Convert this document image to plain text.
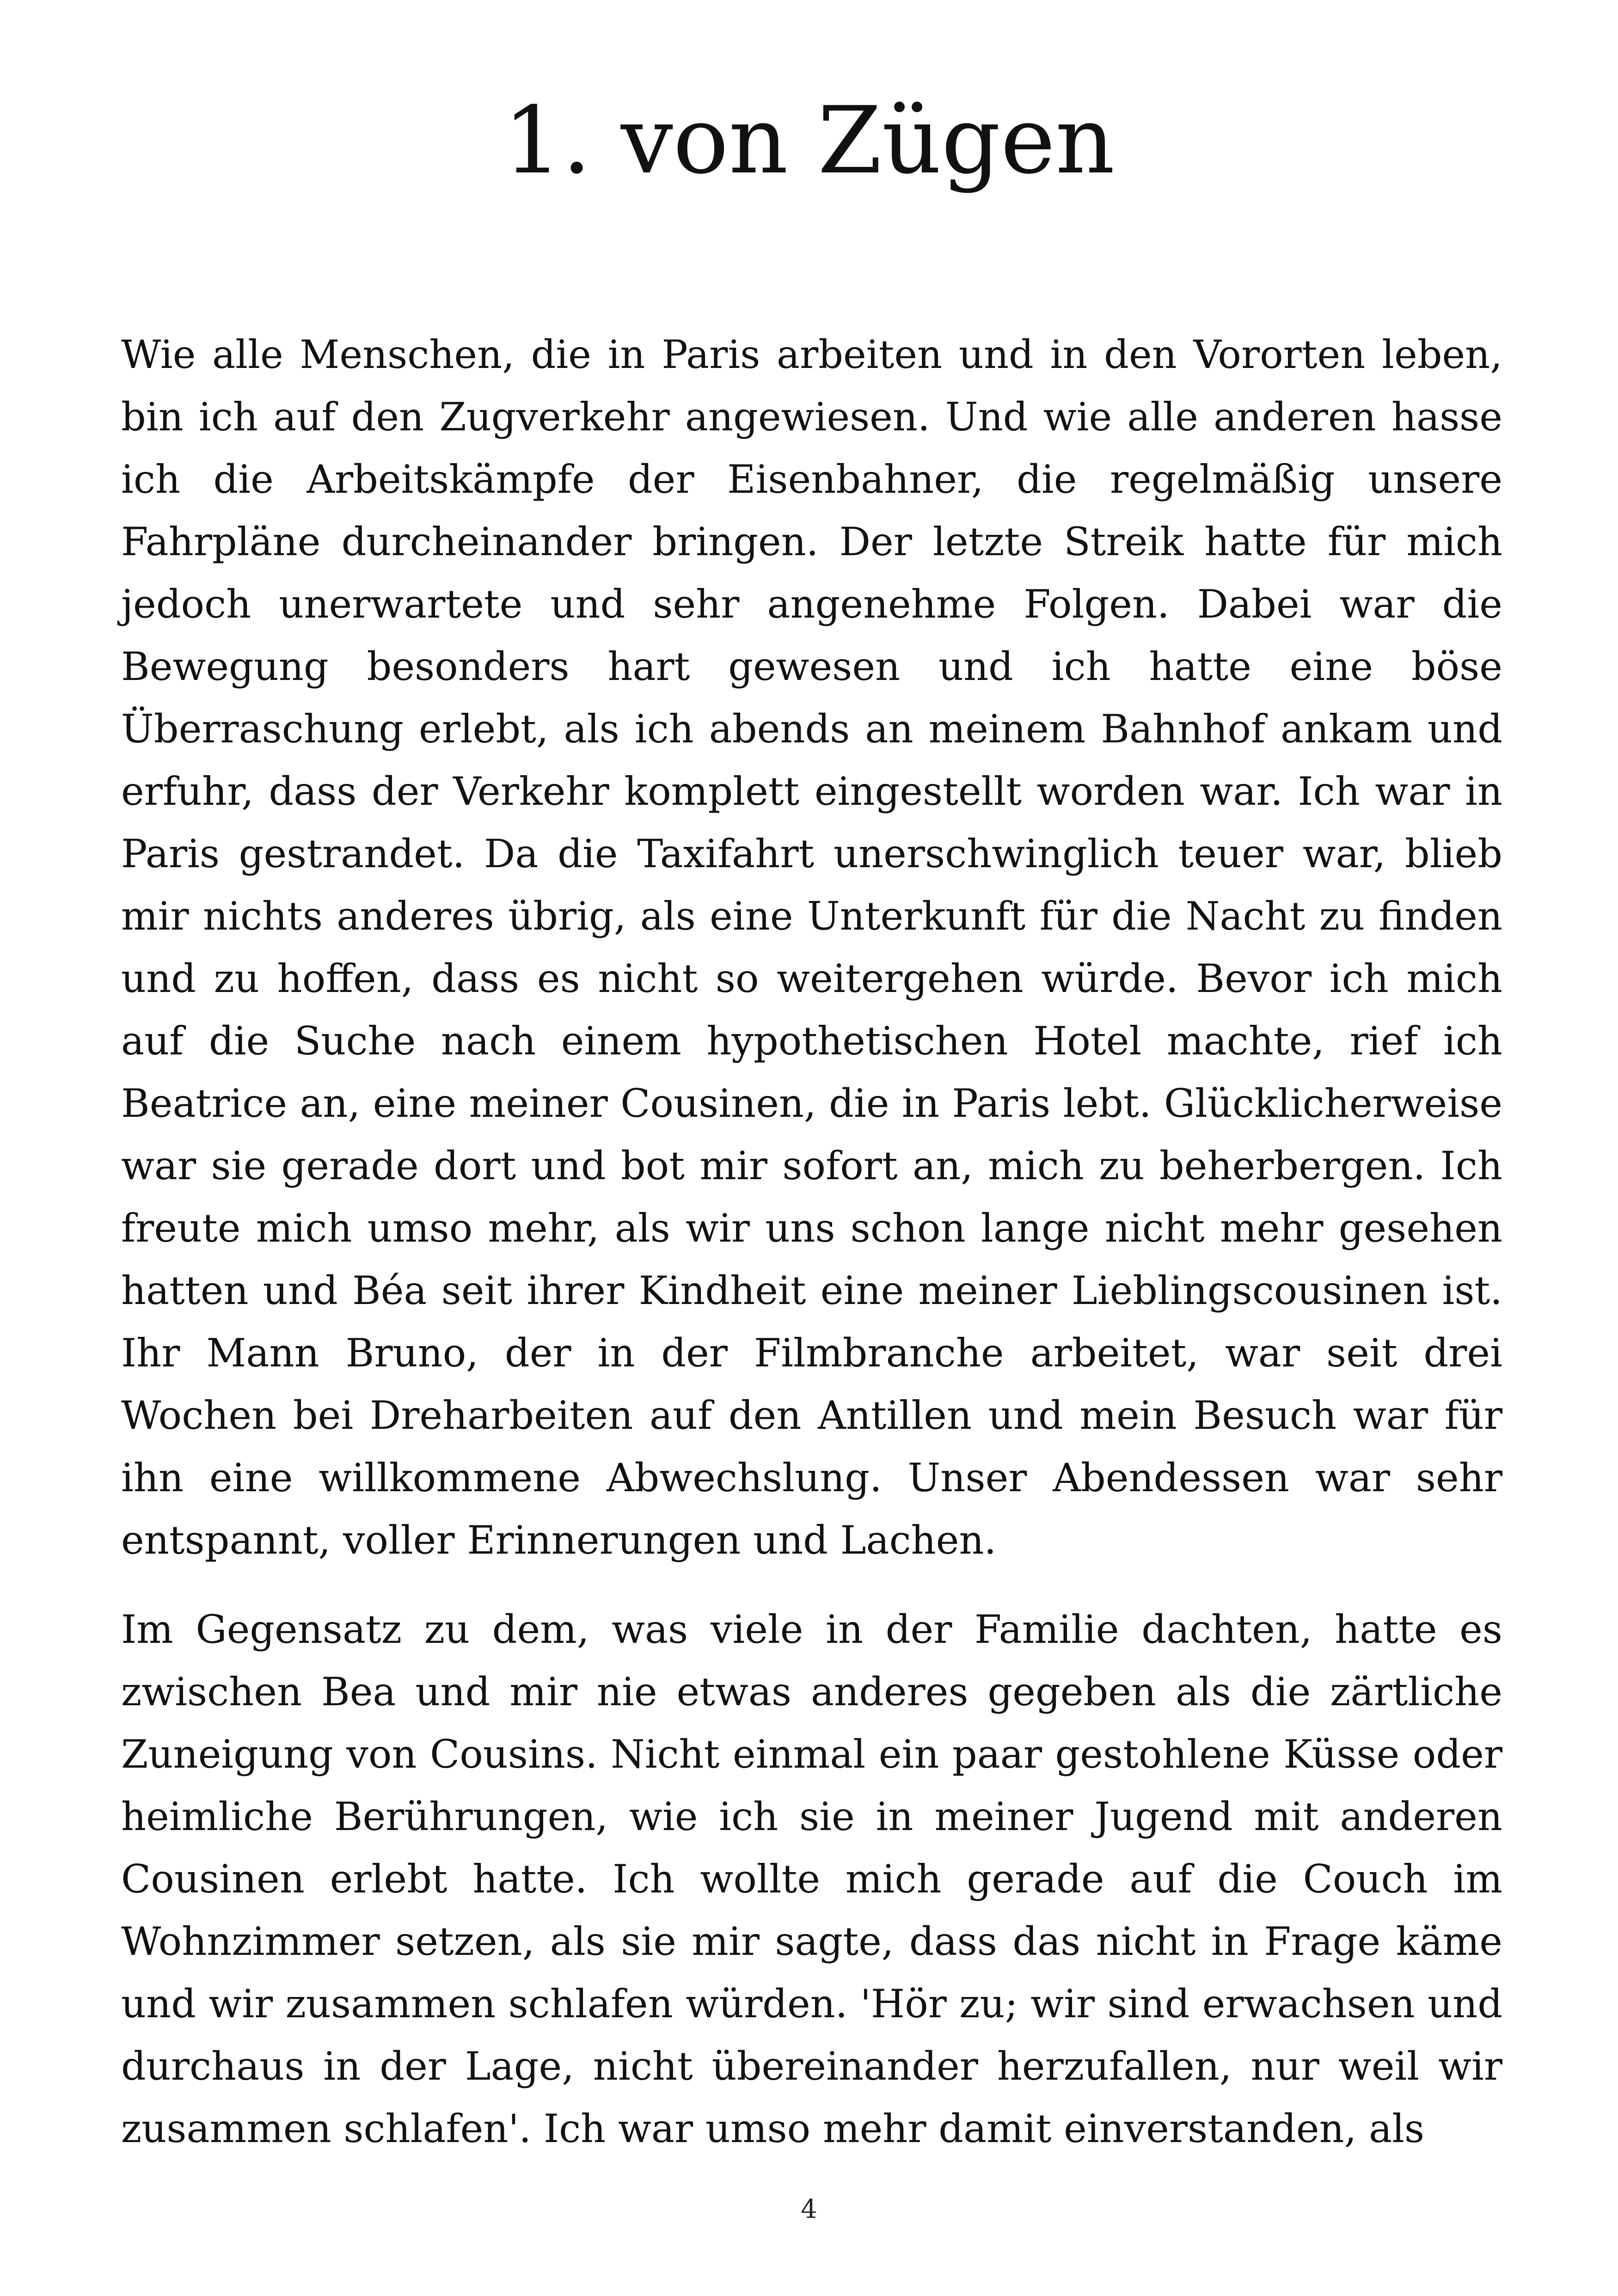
1. von Zügen

Wie alle Menschen, die in Paris arbeiten und in den Vororten leben, bin ich auf den Zugverkehr angewiesen. Und wie alle anderen hasse ich die Arbeitskämpfe der Eisenbahner, die regelmäßig unsere Fahrpläne durcheinander bringen. Der letzte Streik hatte für mich jedoch unerwartete und sehr angenehme Folgen. Dabei war die Bewegung besonders hart gewesen und ich hatte eine böse Überraschung erlebt, als ich abends an meinem Bahnhof ankam und erfuhr, dass der Verkehr komplett eingestellt worden war. Ich war in Paris gestrandet. Da die Taxifahrt unerschwinglich teuer war, blieb mir nichts anderes übrig, als eine Unterkunft für die Nacht zu finden und zu hoffen, dass es nicht so weitergehen würde. Bevor ich mich auf die Suche nach einem hypothetischen Hotel machte, rief ich Beatrice an, eine meiner Cousinen, die in Paris lebt. Glücklicherweise war sie gerade dort und bot mir sofort an, mich zu beherbergen. Ich freute mich umso mehr, als wir uns schon lange nicht mehr gesehen hatten und Béa seit ihrer Kindheit eine meiner Lieblingscousinen ist. Ihr Mann Bruno, der in der Filmbranche arbeitet, war seit drei Wochen bei Dreharbeiten auf den Antillen und mein Besuch war für ihn eine willkommene Abwechslung. Unser Abendessen war sehr entspannt, voller Erinnerungen und Lachen.

Im Gegensatz zu dem, was viele in der Familie dachten, hatte es zwischen Bea und mir nie etwas anderes gegeben als die zärtliche Zuneigung von Cousins. Nicht einmal ein paar gestohlene Küsse oder heimliche Berührungen, wie ich sie in meiner Jugend mit anderen Cousinen erlebt hatte. Ich wollte mich gerade auf die Couch im Wohnzimmer setzen, als sie mir sagte, dass das nicht in Frage käme und wir zusammen schlafen würden. 'Hör zu; wir sind erwachsen und durchaus in der Lage, nicht übereinander herzufallen, nur weil wir zusammen schlafen'. Ich war umso mehr damit einverstanden, als

4
